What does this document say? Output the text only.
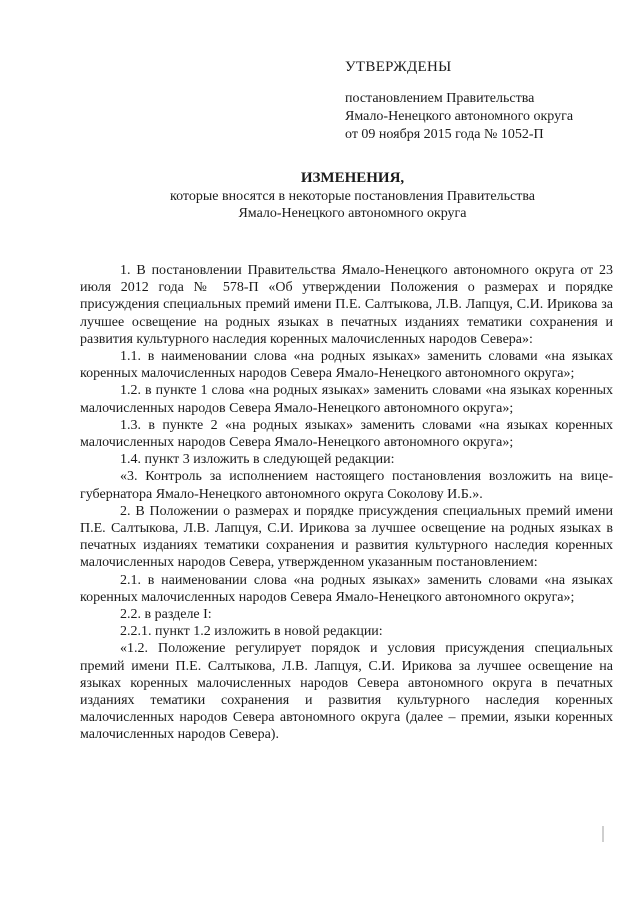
УТВЕРЖДЕНЫ
постановлением Правительства
Ямало-Ненецкого автономного округа
от 09 ноября 2015 года № 1052-П
ИЗМЕНЕНИЯ,
которые вносятся в некоторые постановления Правительства
Ямало-Ненецкого автономного округа

1. В постановлении Правительства Ямало-Ненецкого автономного округа от 23 июля 2012 года № 578-П «Об утверждении Положения о размерах и порядке присуждения специальных премий имени П.Е. Салтыкова, Л.В. Лапцуя, С.И. Ирикова за лучшее освещение на родных языках в печатных изданиях тематики сохранения и развития культурного наследия коренных малочисленных народов Севера»:

1.1. в наименовании слова «на родных языках» заменить словами «на языках коренных малочисленных народов Севера Ямало-Ненецкого автономного округа»;

1.2. в пункте 1 слова «на родных языках» заменить словами «на языках коренных малочисленных народов Севера Ямало-Ненецкого автономного округа»;

1.3. в пункте 2 «на родных языках» заменить словами «на языках коренных малочисленных народов Севера Ямало-Ненецкого автономного округа»;

1.4. пункт 3 изложить в следующей редакции:

«3. Контроль за исполнением настоящего постановления возложить на вице-губернатора Ямало-Ненецкого автономного округа Соколову И.Б.».

2. В Положении о размерах и порядке присуждения специальных премий имени П.Е. Салтыкова, Л.В. Лапцуя, С.И. Ирикова за лучшее освещение на родных языках в печатных изданиях тематики сохранения и развития культурного наследия коренных малочисленных народов Севера, утвержденном указанным постановлением:

2.1. в наименовании слова «на родных языках» заменить словами «на языках коренных малочисленных народов Севера Ямало-Ненецкого автономного округа»;

2.2. в разделе I:

2.2.1. пункт 1.2 изложить в новой редакции:

«1.2. Положение регулирует порядок и условия присуждения специальных премий имени П.Е. Салтыкова, Л.В. Лапцуя, С.И. Ирикова за лучшее освещение на языках коренных малочисленных народов Севера автономного округа в печатных изданиях тематики сохранения и развития культурного наследия коренных малочисленных народов Севера автономного округа (далее – премии, языки коренных малочисленных народов Севера).
